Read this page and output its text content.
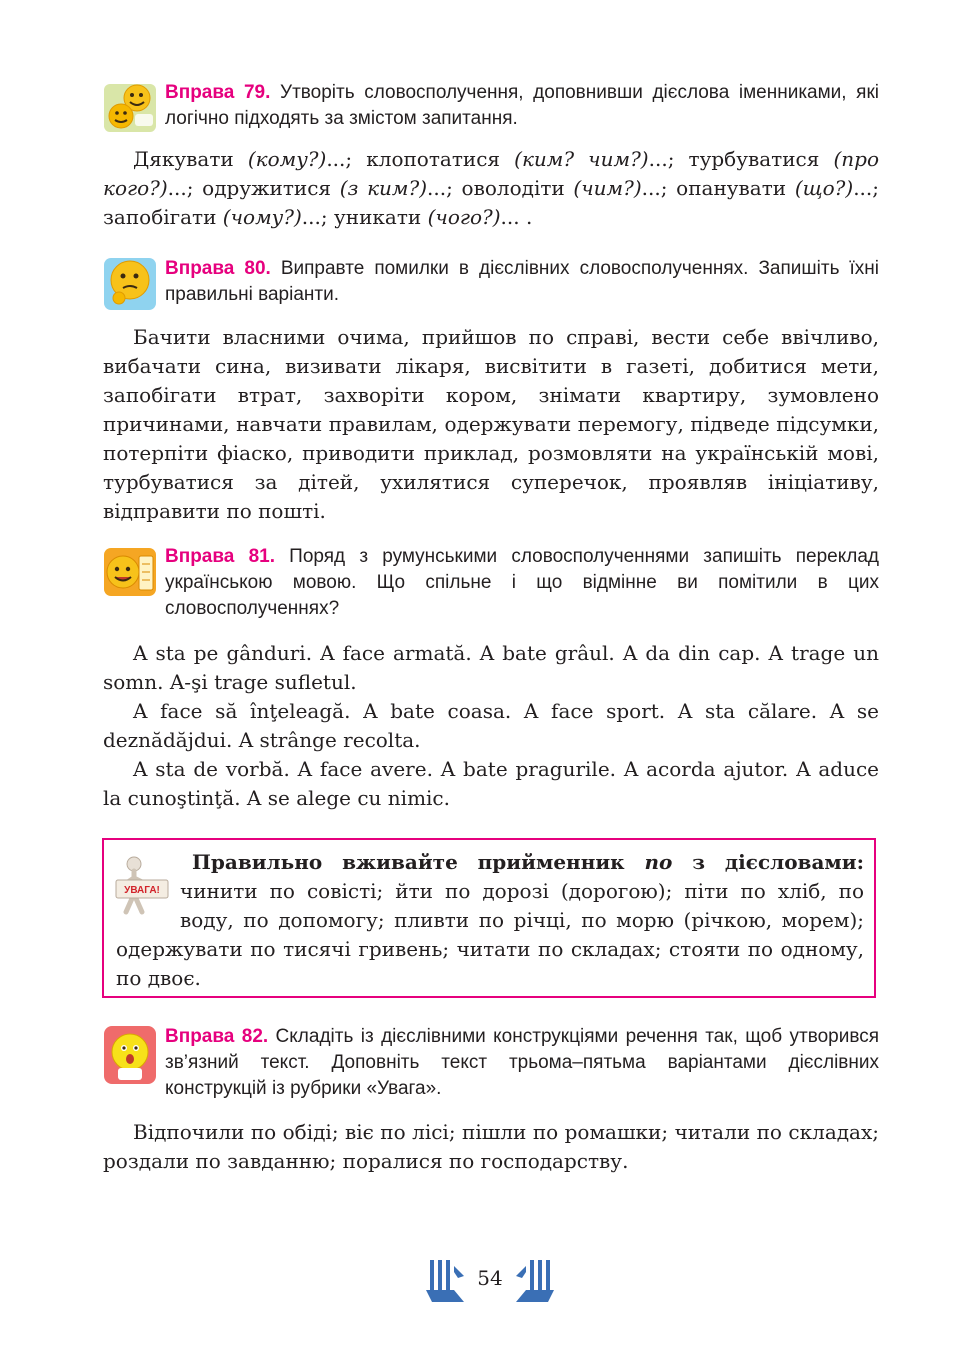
Вправа 79. Утворіть словосполучення, доповнивши дієслова іменниками, які логічно підходять за змістом запитання.

Дякувати (кому?)...; клопотатися (ким? чим?)...; турбуватися (про кого?)...; одружитися (з ким?)...; оволодіти (чим?)...; опанувати (що?)...; запобігати (чому?)...; уникати (чого?)... .

Вправа 80. Виправте помилки в дієслівних словосполученнях. Запишіть їхні правильні варіанти.

Бачити власними очима, прийшов по справі, вести себе ввічливо, вибачати сина, визивати лікаря, висвітити в газеті, добитися мети, запобігати втрат, захворіти кором, знімати квартиру, зумовлено причинами, навчати правилам, одержувати перемогу, підведе підсумки, потерпіти фіаско, приводити приклад, розмовляти на українській мові, турбуватися за дітей, ухилятися суперечок, проявляв ініціативу, відправити по пошті.

Вправа 81. Поряд з румунськими словосполученнями запишіть переклад українською мовою. Що спільне і що відмінне ви помітили в цих словосполученнях?

A sta pe gânduri. A face armată. A bate grâul. A da din cap. A trage un somn. A-şi trage sufletul.

A face să înţeleagă. A bate coasa. A face sport. A sta călare. A se deznădăjdui. A strânge recolta.

A sta de vorbă. A face avere. A bate pragurile. A acorda ajutor. A aduce la cunoştinţă. A se alege cu nimic.

УВАГА!
Правильно вживайте прийменник по з дієсловами: чинити по совісті; йти по дорозі (дорогою); піти по хліб, по воду, по допомогу; пливти по річці, по морю (річкою, морем); одержувати по тисячі гривень; читати по складах; стояти по одному, по двоє.
Вправа 82. Складіть із дієслівними конструкціями речення так, щоб утворився зв’язний текст. Доповніть текст трьома–пятьма варіантами дієслівних конструкцій із рубрики «Увага».

Відпочили по обіді; віє по лісі; пішли по ромашки; читали по складах; роздали по завданню; поралися по господарству.

54
